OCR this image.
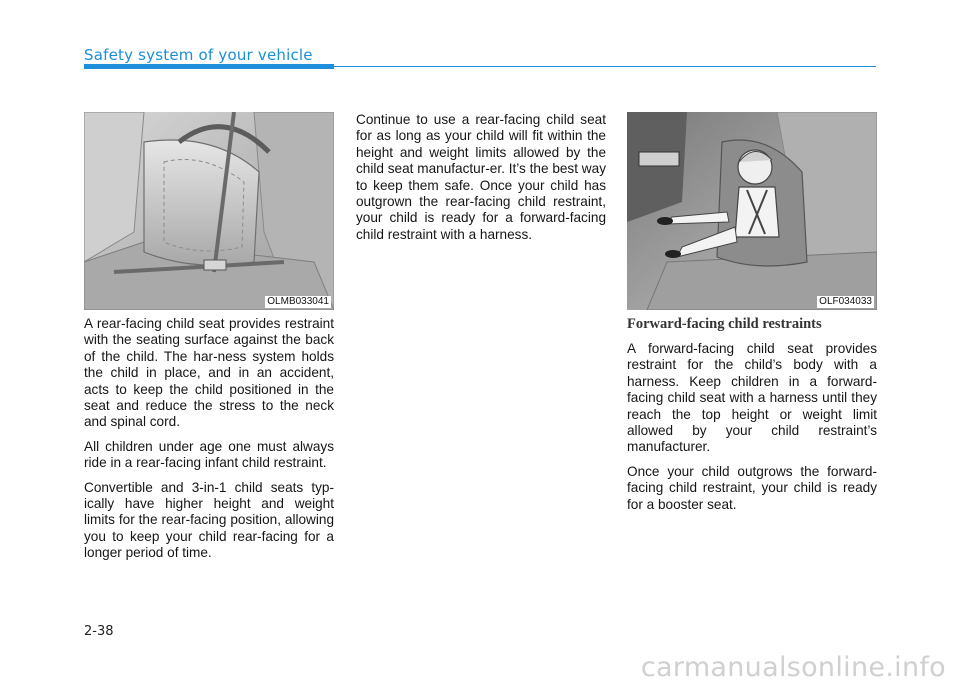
Safety system of your vehicle
OLMB033041	OLF034033

A rear-facing child seat provides restraint with the seating surface against the back of the child. The har-ness system holds the child in place, and in an accident, acts to keep the child positioned in the seat and reduce the stress to the neck and spinal cord.

All children under age one must always ride in a rear-facing infant child restraint.

Convertible and 3-in-1 child seats typ-ically have higher height and weight limits for the rear-facing position, allowing you to keep your child rear-facing for a longer period of time.

Continue to use a rear-facing child seat for as long as your child will fit within the height and weight limits allowed by the child seat manufactur-er. It’s the best way to keep them safe. Once your child has outgrown the rear-facing child restraint, your child is ready for a forward-facing child restraint with a harness.

Forward-facing child restraints

A forward-facing child seat provides restraint for the child’s body with a harness. Keep children in a forward-facing child seat with a harness until they reach the top height or weight limit allowed by your child restraint’s manufacturer.

Once your child outgrows the forward-facing child restraint, your child is ready for a booster seat.

2-38
carmanualsonline.info
